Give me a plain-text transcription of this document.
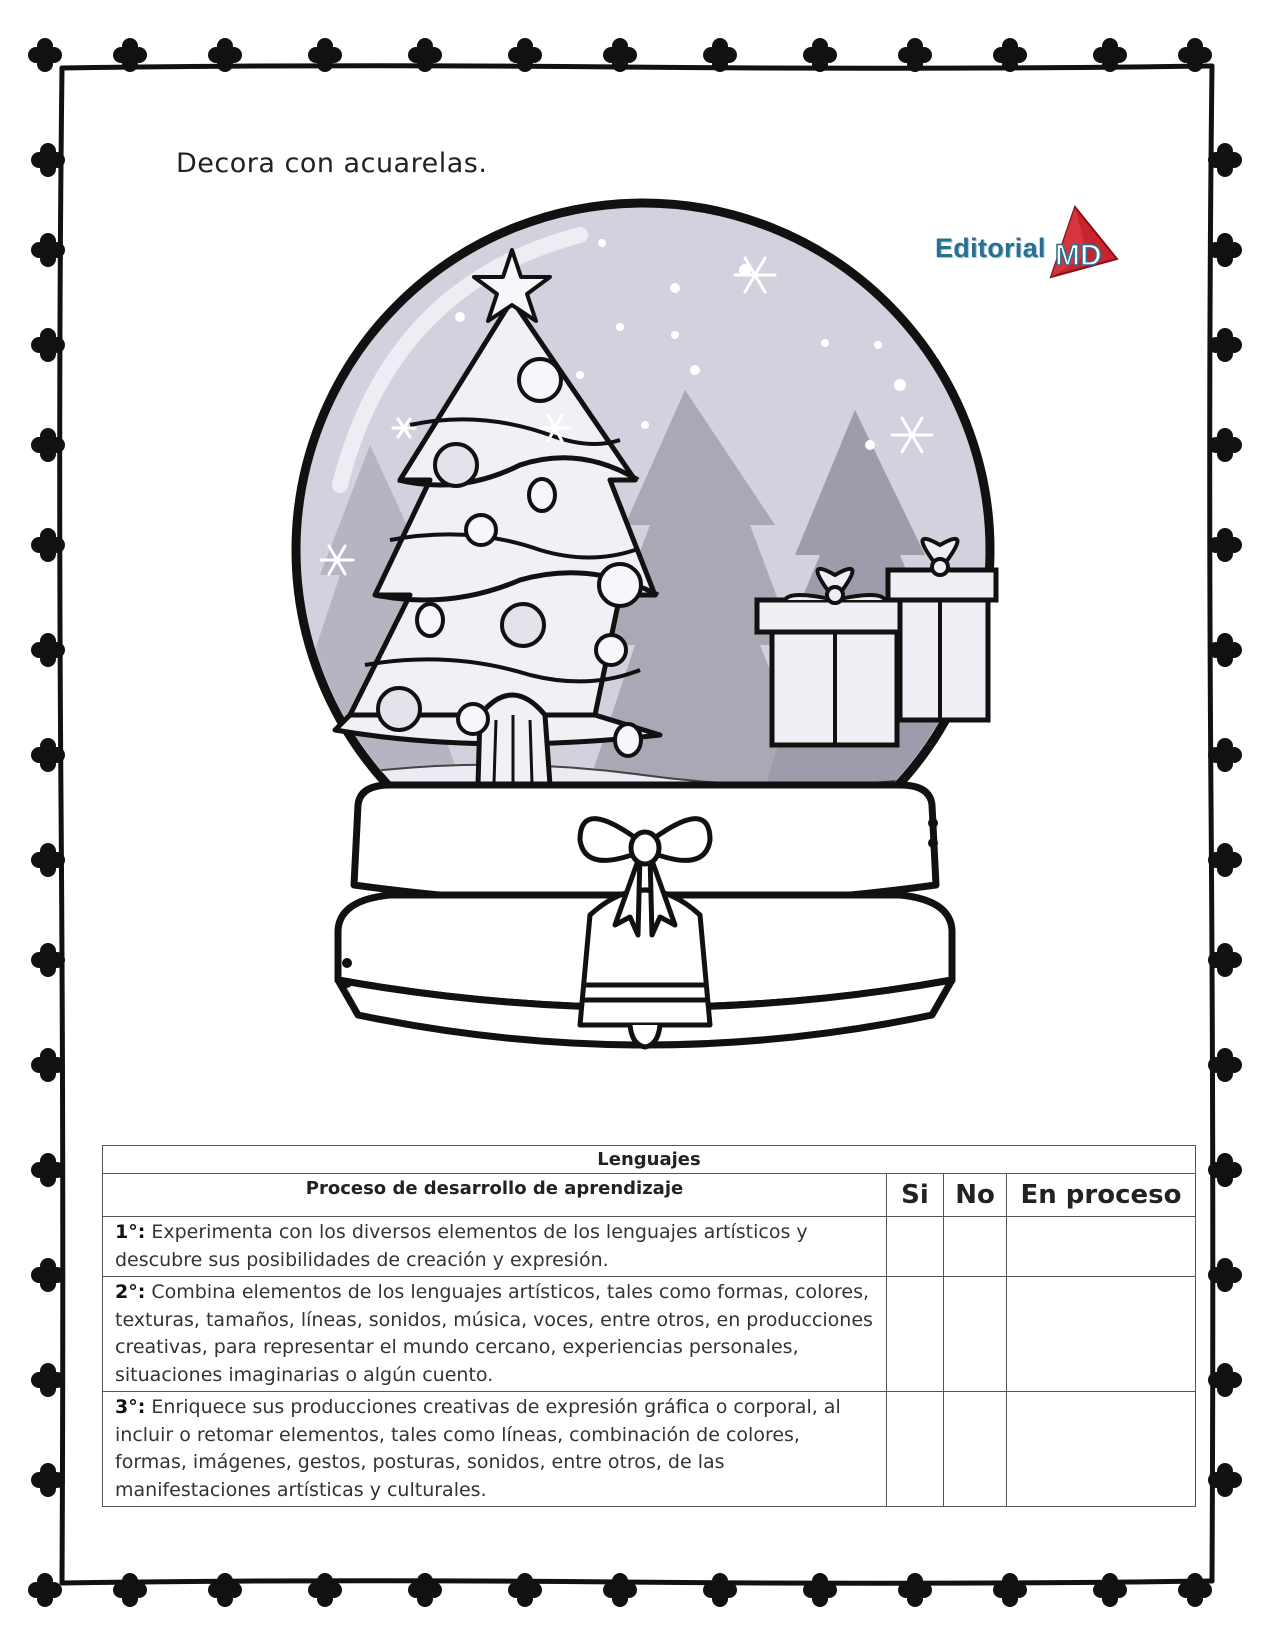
Decora con acuarelas.
Editorial MD
Lenguajes			
Proceso de desarrollo de aprendizaje	Si	No	En proceso
1°: Experimenta con los diversos elementos de los lenguajes artísticos y descubre sus posibilidades de creación y expresión.			
2°: Combina elementos de los lenguajes artísticos, tales como formas, colores, texturas, tamaños, líneas, sonidos, música, voces, entre otros, en producciones creativas, para representar el mundo cercano, experiencias personales, situaciones imaginarias o algún cuento.			
3°: Enriquece sus producciones creativas de expresión gráfica o corporal, al incluir o retomar elementos, tales como líneas, combinación de colores, formas, imágenes, gestos, posturas, sonidos, entre otros, de las manifestaciones artísticas y culturales.			
